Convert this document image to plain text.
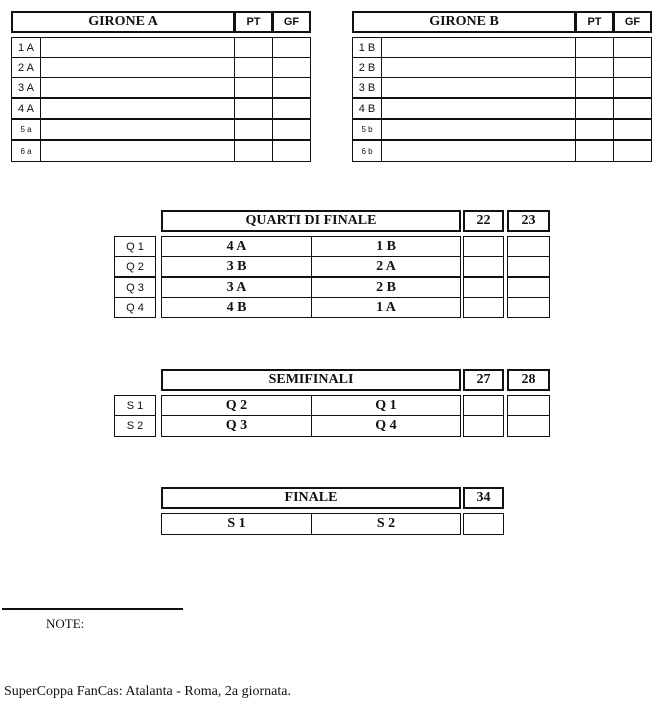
GIRONE A	PT	GF
1 A
2 A
3 A
4 A
5 a
6 a
GIRONE B	PT	GF
1 B
2 B
3 B
4 B
5 b
6 b
QUARTI DI FINALE	22	23
Q 1	4 A	1 B
Q 2	3 B	2 A
Q 3	3 A	2 B
Q 4	4 B	1 A
SEMIFINALI	27	28
S 1	Q 2	Q 1
S 2	Q 3	Q 4
FINALE	34
S 1	S 2
NOTE:
SuperCoppa FanCas: Atalanta - Roma, 2a giornata.
